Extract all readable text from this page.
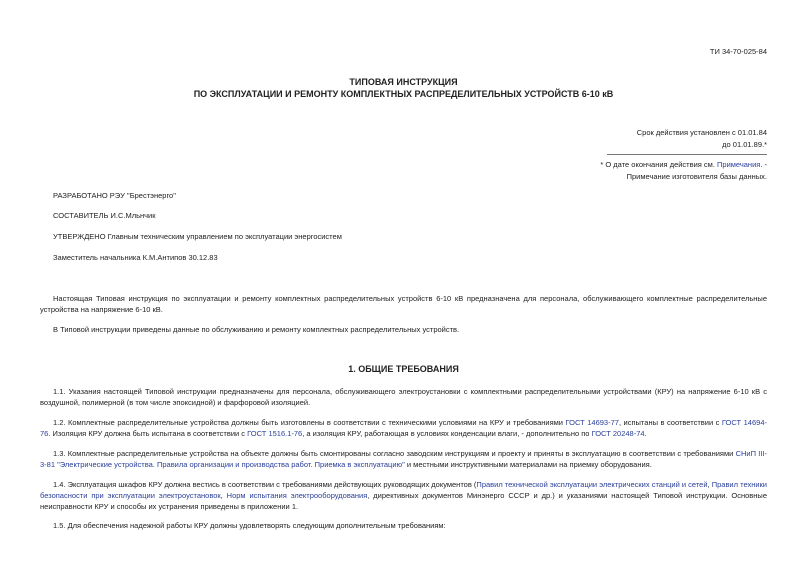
ТИ 34-70-025-84
ТИПОВАЯ ИНСТРУКЦИЯ
ПО ЭКСПЛУАТАЦИИ И РЕМОНТУ КОМПЛЕКТНЫХ РАСПРЕДЕЛИТЕЛЬНЫХ УСТРОЙСТВ 6-10 кВ
Срок действия установлен с 01.01.84
до 01.01.89.*
* О дате окончания действия см. Примечания. -
Примечание изготовителя базы данных.
РАЗРАБОТАНО РЭУ "Брестэнерго"
СОСТАВИТЕЛЬ И.С.Мльнчик
УТВЕРЖДЕНО Главным техническим управлением по эксплуатации энергосистем
Заместитель начальника К.М.Антипов 30.12.83
Настоящая Типовая инструкция по эксплуатации и ремонту комплектных распределительных устройств 6-10 кВ предназначена для персонала, обслуживающего комплектные распределительные устройства на напряжение 6-10 кВ.
В Типовой инструкции приведены данные по обслуживанию и ремонту комплектных распределительных устройств.
1. ОБЩИЕ ТРЕБОВАНИЯ
1.1. Указания настоящей Типовой инструкции предназначены для персонала, обслуживающего электроустановки с комплектными распределительными устройствами (КРУ) на напряжение 6-10 кВ с воздушной, полимерной (в том числе эпоксидной) и фарфоровой изоляцией.
1.2. Комплектные распределительные устройства должны быть изготовлены в соответствии с техническими условиями на КРУ и требованиями ГОСТ 14693-77, испытаны в соответствии с ГОСТ 14694-76. Изоляция КРУ должна быть испытана в соответствии с ГОСТ 1516.1-76, а изоляция КРУ, работающая в условиях конденсации влаги, - дополнительно по ГОСТ 20248-74.
1.3. Комплектные распределительные устройства на объекте должны быть смонтированы согласно заводским инструкциям и проекту и приняты в эксплуатацию в соответствии с требованиями СНиП III-3-81 "Электрические устройства. Правила организации и производства работ. Приемка в эксплуатацию" и местными инструктивными материалами на приемку оборудования.
1.4. Эксплуатация шкафов КРУ должна вестись в соответствии с требованиями действующих руководящих документов (Правил технической эксплуатации электрических станций и сетей, Правил техники безопасности при эксплуатации электроустановок, Норм испытания электрооборудования, директивных документов Минэнерго СССР и др.) и указаниями настоящей Типовой инструкции. Основные неисправности КРУ и способы их устранения приведены в приложении 1.
1.5. Для обеспечения надежной работы КРУ должны удовлетворять следующим дополнительным требованиям:
